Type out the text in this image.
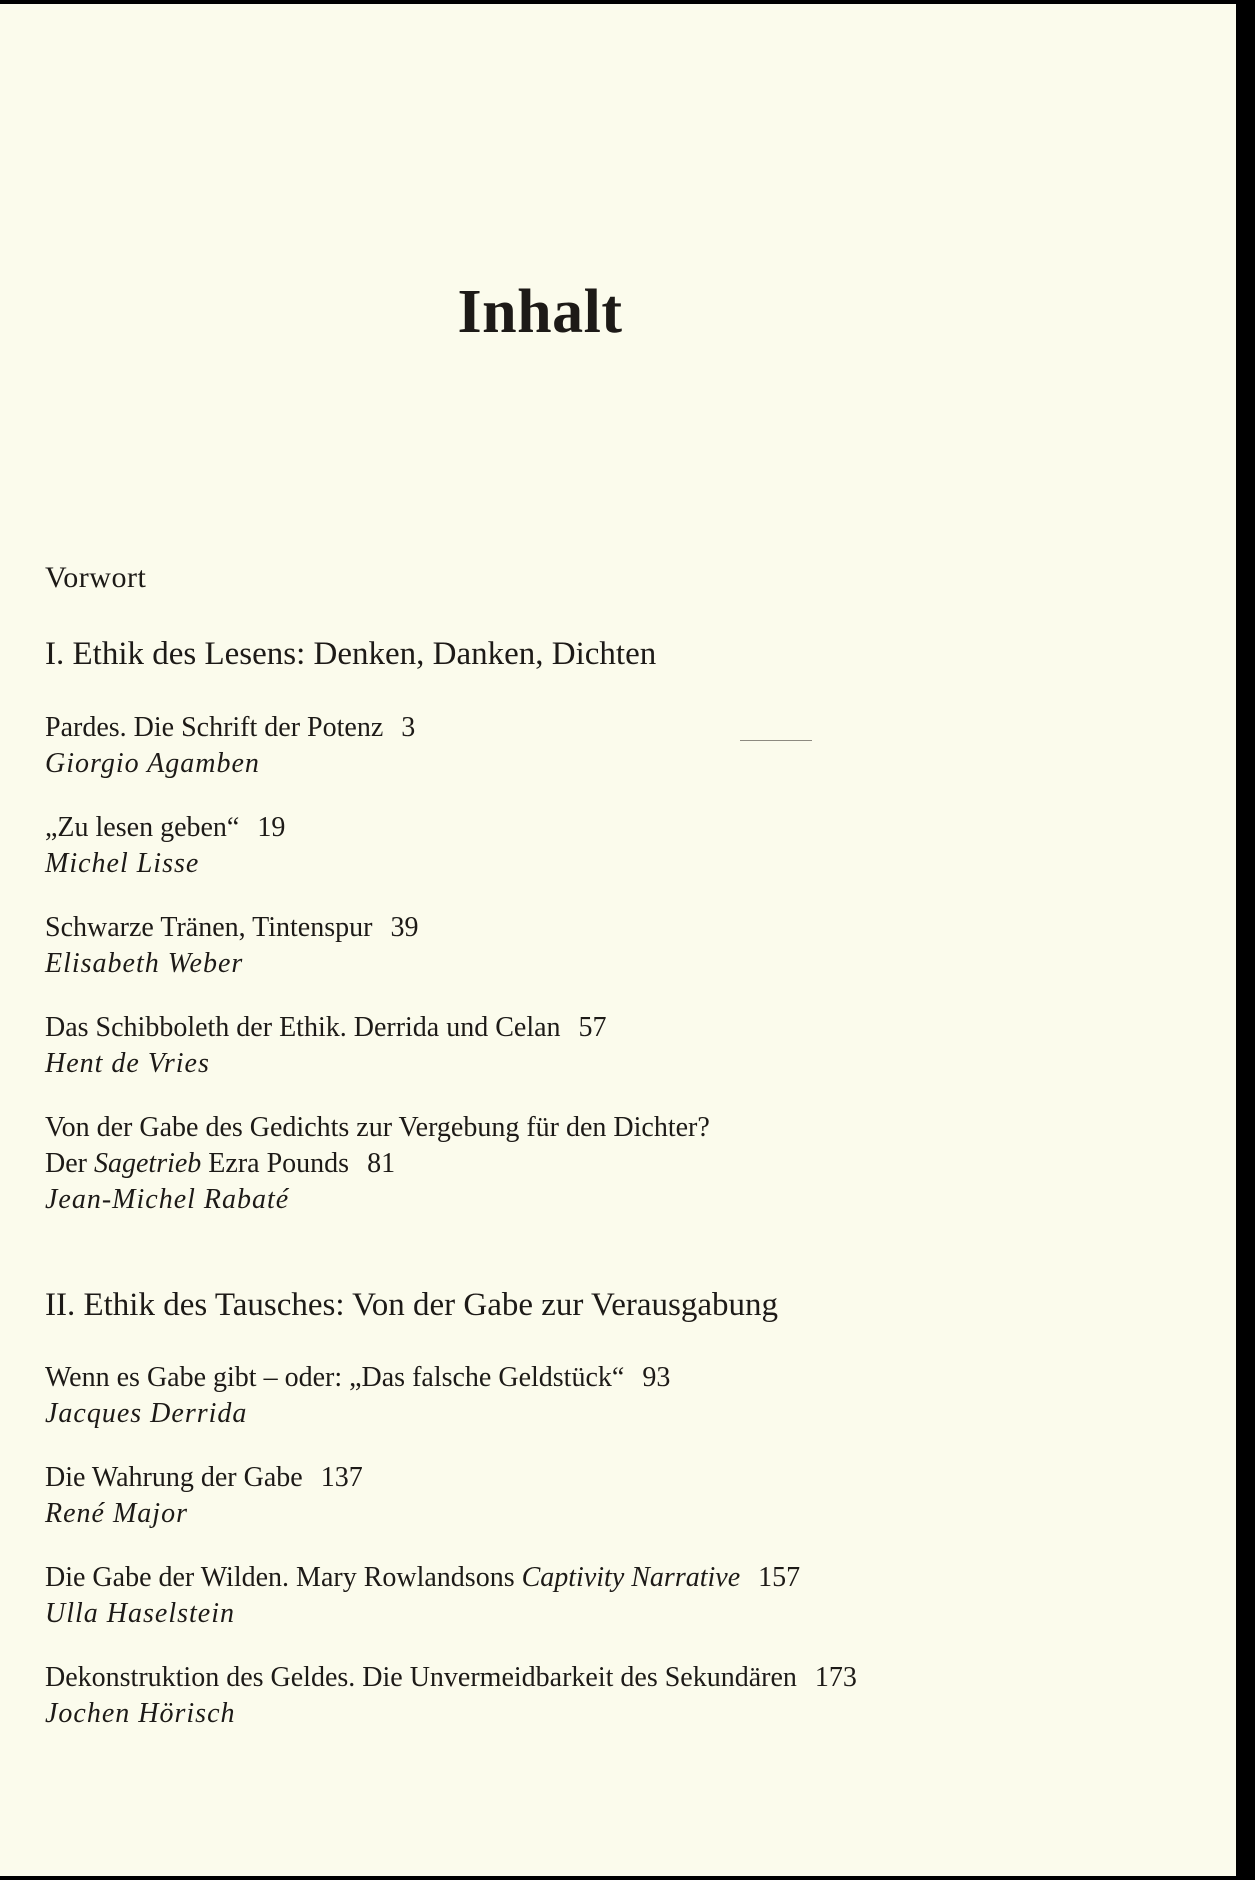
Inhalt
Vorwort
I. Ethik des Lesens: Denken, Danken, Dichten
Pardes. Die Schrift der Potenz 3
Giorgio Agamben
„Zu lesen geben“ 19
Michel Lisse
Schwarze Tränen, Tintenspur 39
Elisabeth Weber
Das Schibboleth der Ethik. Derrida und Celan 57
Hent de Vries
Von der Gabe des Gedichts zur Vergebung für den Dichter?
Der Sagetrieb Ezra Pounds 81
Jean-Michel Rabaté
II. Ethik des Tausches: Von der Gabe zur Verausgabung
Wenn es Gabe gibt – oder: „Das falsche Geldstück“ 93
Jacques Derrida
Die Wahrung der Gabe 137
René Major
Die Gabe der Wilden. Mary Rowlandsons Captivity Narrative 157
Ulla Haselstein
Dekonstruktion des Geldes. Die Unvermeidbarkeit des Sekundären 173
Jochen Hörisch
